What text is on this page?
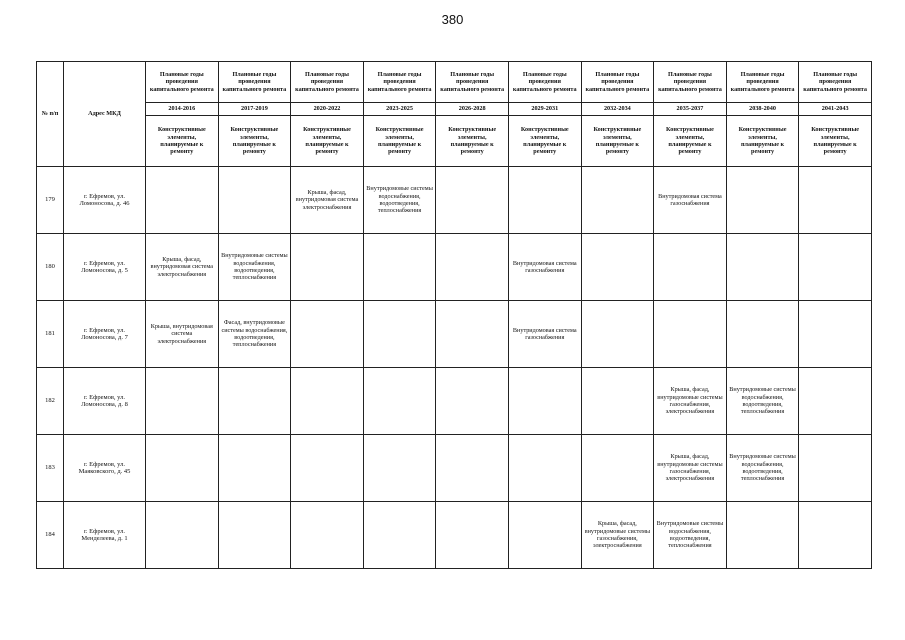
380
№ п/п	Адрес МКД	Плановые годы проведения капитального ремонта	Плановые годы проведения капитального ремонта	Плановые годы проведения капитального ремонта	Плановые годы проведения капитального ремонта	Плановые годы проведения капитального ремонта	Плановые годы проведения капитального ремонта	Плановые годы проведения капитального ремонта	Плановые годы проведения капитального ремонта	Плановые годы проведения капитального ремонта	Плановые годы проведения капитального ремонта
		2014-2016	2017-2019	2020-2022	2023-2025	2026-2028	2029-2031	2032-2034	2035-2037	2038-2040	2041-2043
		Конструктивные элементы, планируемые к ремонту	Конструктивные элементы, планируемые к ремонту	Конструктивные элементы, планируемые к ремонту	Конструктивные элементы, планируемые к ремонту	Конструктивные элементы, планируемые к ремонту	Конструктивные элементы, планируемые к ремонту	Конструктивные элементы, планируемые к ремонту	Конструктивные элементы, планируемые к ремонту	Конструктивные элементы, планируемые к ремонту	Конструктивные элементы, планируемые к ремонту
179	г. Ефремов, ул. Ломоносова, д. 46			Крыша, фасад, внутридомовая система электроснабжения	Внутридомовые системы водоснабжения, водоотведения, теплоснабжения				Внутридомовая система газоснабжения		
180	г. Ефремов, ул. Ломоносова, д. 5	Крыша, фасад, внутридомовая система электроснабжения	Внутридомовые системы водоснабжения, водоотведения, теплоснабжения				Внутридомовая система газоснабжения				
181	г. Ефремов, ул. Ломоносова, д. 7	Крыша, внутридомовая система электроснабжения	Фасад, внутридомовые системы водоснабжения, водоотведения, теплоснабжения				Внутридомовая система газоснабжения				
182	г. Ефремов, ул. Ломоносова, д. 8								Крыша, фасад, внутридомовые системы газоснабжения, электроснабжения	Внутридомовые системы водоснабжения, водоотведения, теплоснабжения	
183	г. Ефремов, ул. Маяковского, д. 45								Крыша, фасад, внутридомовые системы газоснабжения, электроснабжения	Внутридомовые системы водоснабжения, водоотведения, теплоснабжения	
184	г. Ефремов, ул. Менделеева, д. 1							Крыша, фасад, внутридомовые системы газоснабжения, электроснабжения	Внутридомовые системы водоснабжения, водоотведения, теплоснабжения		
